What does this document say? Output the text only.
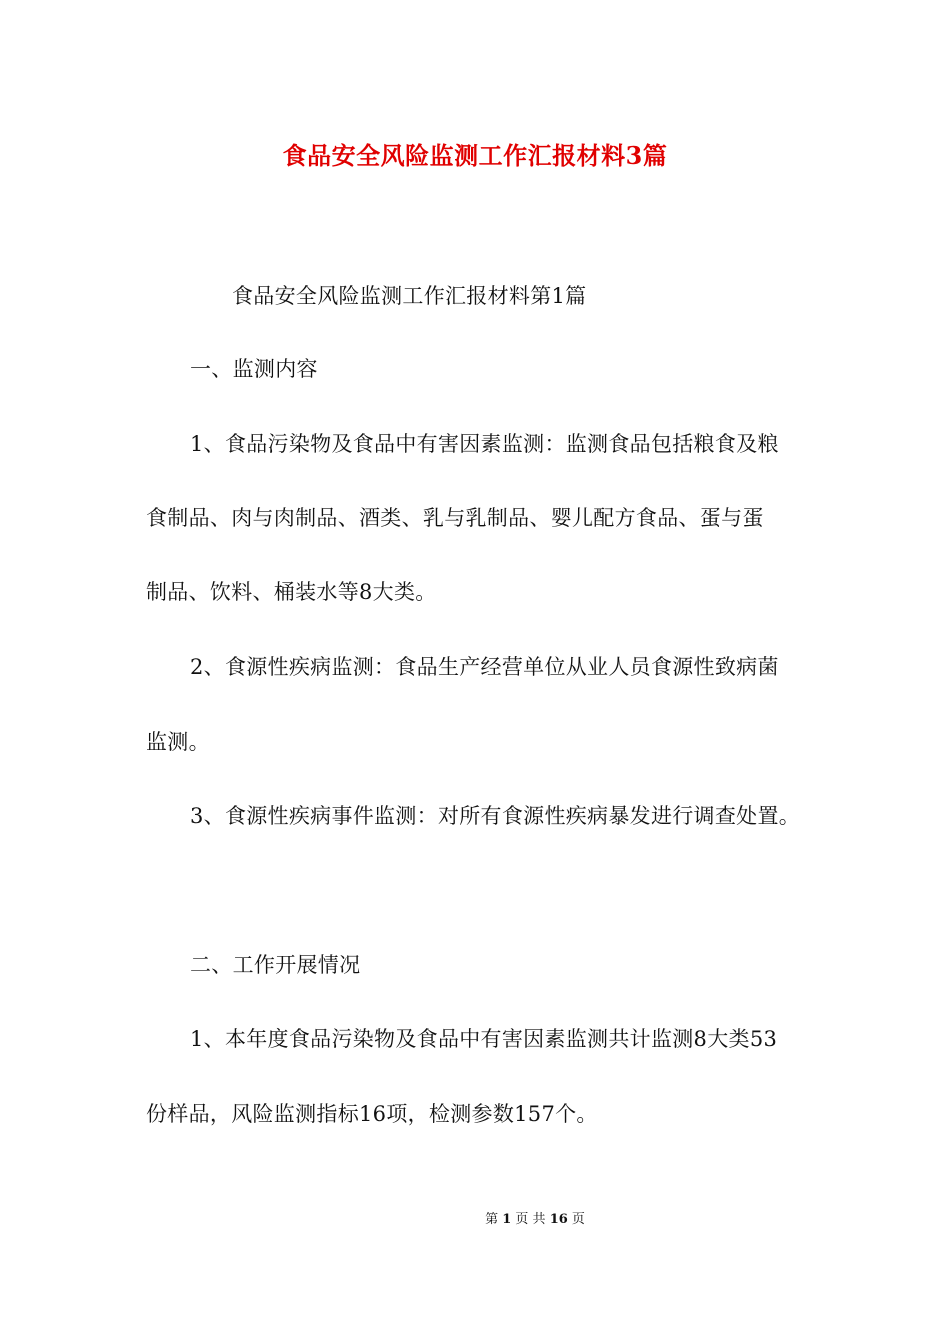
食品安全风险监测工作汇报材料3篇
食品安全风险监测工作汇报材料第1篇
一、监测内容
1、食品污染物及食品中有害因素监测：监测食品包括粮食及粮
食制品、肉与肉制品、酒类、乳与乳制品、婴儿配方食品、蛋与蛋
制品、饮料、桶装水等8大类。
2、食源性疾病监测：食品生产经营单位从业人员食源性致病菌
监测。
3、食源性疾病事件监测：对所有食源性疾病暴发进行调查处置。
二、工作开展情况
1、本年度食品污染物及食品中有害因素监测共计监测8大类53
份样品，风险监测指标16项，检测参数157个。
第 1 页 共 16 页
